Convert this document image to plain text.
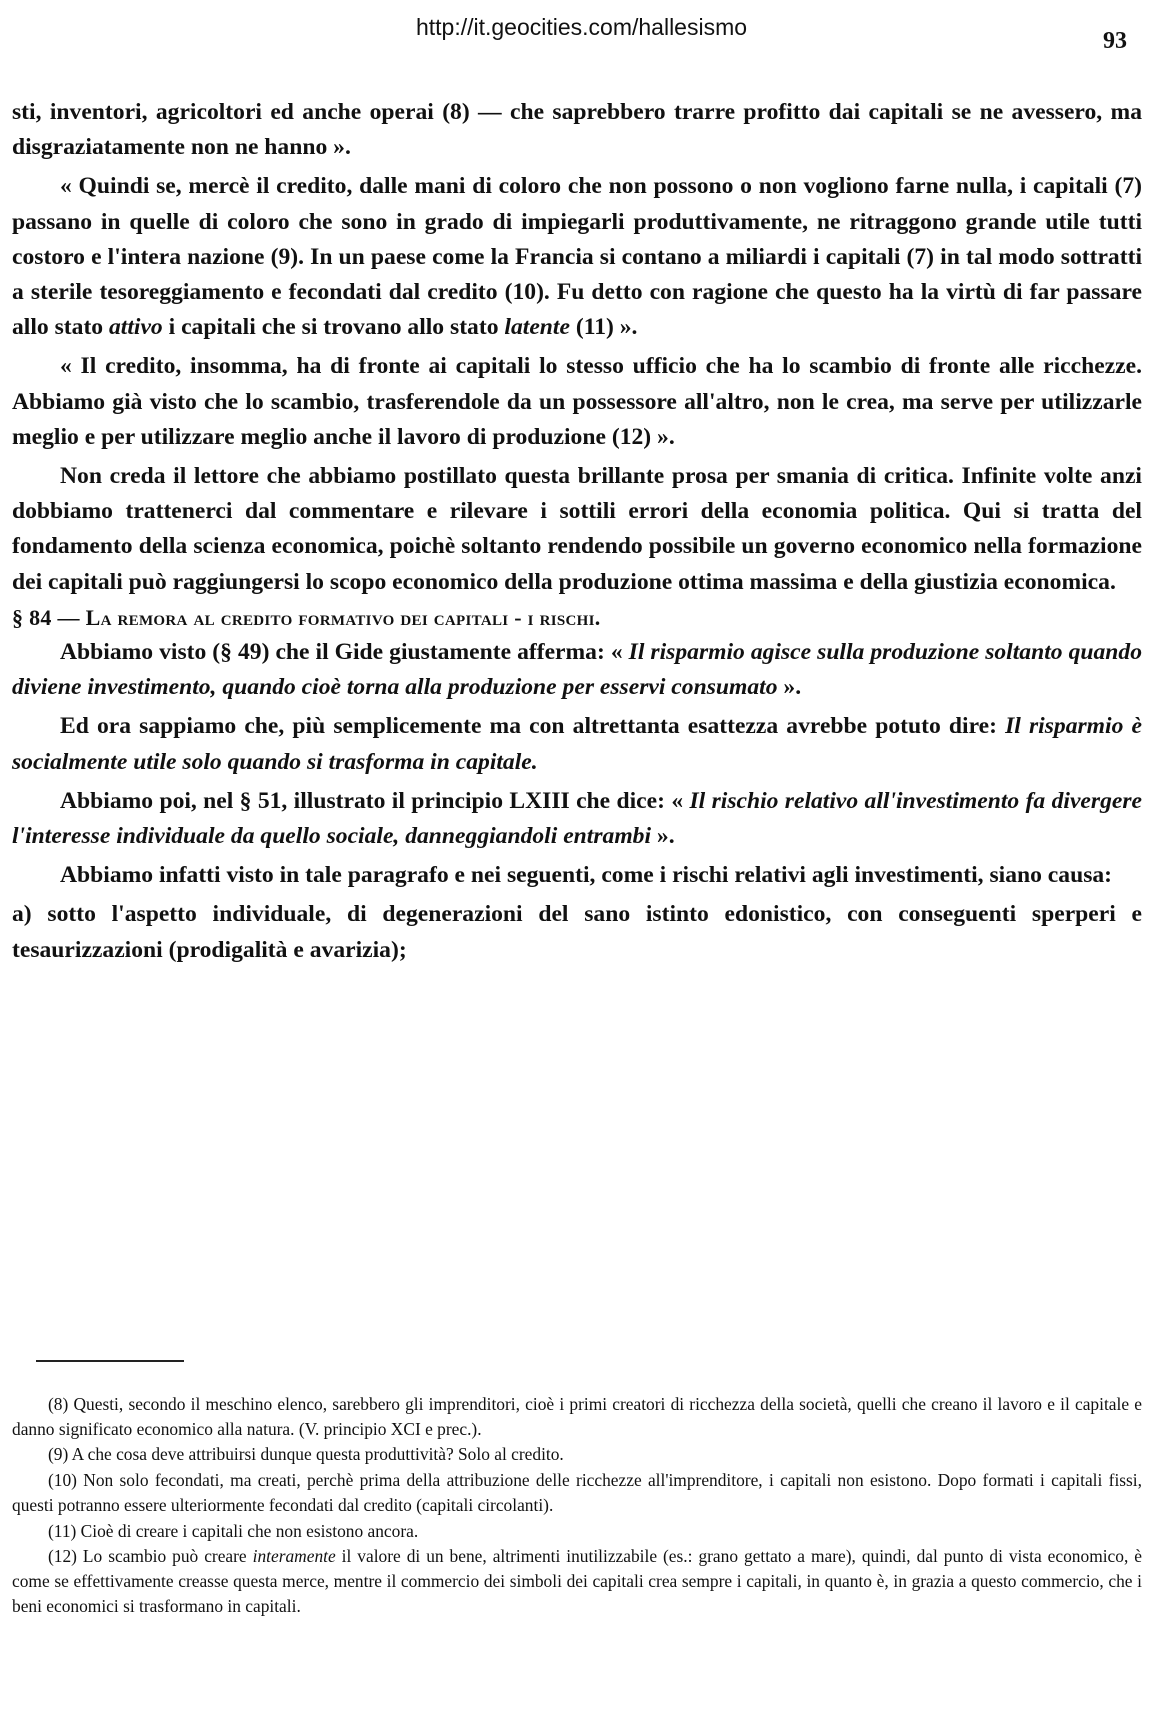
http://it.geocities.com/hallesismo
93

sti, inventori, agricoltori ed anche operai (8) — che saprebbero trarre profitto dai capitali se ne avessero, ma disgraziatamente non ne hanno ».

« Quindi se, mercè il credito, dalle mani di coloro che non possono o non vogliono farne nulla, i capitali (7) passano in quelle di coloro che sono in grado di impiegarli produttivamente, ne ritraggono grande utile tutti costoro e l'intera nazione (9). In un paese come la Francia si contano a miliardi i capitali (7) in tal modo sottratti a sterile tesoreggiamento e fecondati dal credito (10). Fu detto con ragione che questo ha la virtù di far passare allo stato attivo i capitali che si trovano allo stato latente (11) ».

« Il credito, insomma, ha di fronte ai capitali lo stesso ufficio che ha lo scambio di fronte alle ricchezze. Abbiamo già visto che lo scambio, trasferendole da un possessore all'altro, non le crea, ma serve per utilizzarle meglio e per utilizzare meglio anche il lavoro di produzione (12) ».

Non creda il lettore che abbiamo postillato questa brillante prosa per smania di critica. Infinite volte anzi dobbiamo trattenerci dal commentare e rilevare i sottili errori della economia politica. Qui si tratta del fondamento della scienza economica, poichè soltanto rendendo possibile un governo economico nella formazione dei capitali può raggiungersi lo scopo economico della produzione ottima massima e della giustizia economica.

§ 84 — La remora al credito formativo dei capitali - i rischi.

Abbiamo visto (§ 49) che il Gide giustamente afferma: « Il risparmio agisce sulla produzione soltanto quando diviene investimento, quando cioè torna alla produzione per esservi consumato ».

Ed ora sappiamo che, più semplicemente ma con altrettanta esattezza avrebbe potuto dire: Il risparmio è socialmente utile solo quando si trasforma in capitale.

Abbiamo poi, nel § 51, illustrato il principio LXIII che dice: « Il rischio relativo all'investimento fa divergere l'interesse individuale da quello sociale, danneggiandoli entrambi ».

Abbiamo infatti visto in tale paragrafo e nei seguenti, come i rischi relativi agli investimenti, siano causa:

a) sotto l'aspetto individuale, di degenerazioni del sano istinto edonistico, con conseguenti sperperi e tesaurizzazioni (prodigalità e avarizia);

(8) Questi, secondo il meschino elenco, sarebbero gli imprenditori, cioè i primi creatori di ricchezza della società, quelli che creano il lavoro e il capitale e danno significato economico alla natura. (V. principio XCI e prec.).

(9) A che cosa deve attribuirsi dunque questa produttività? Solo al credito.

(10) Non solo fecondati, ma creati, perchè prima della attribuzione delle ricchezze all'imprenditore, i capitali non esistono. Dopo formati i capitali fissi, questi potranno essere ulteriormente fecondati dal credito (capitali circolanti).

(11) Cioè di creare i capitali che non esistono ancora.

(12) Lo scambio può creare interamente il valore di un bene, altrimenti inutilizzabile (es.: grano gettato a mare), quindi, dal punto di vista economico, è come se effettivamente creasse questa merce, mentre il commercio dei simboli dei capitali crea sempre i capitali, in quanto è, in grazia a questo commercio, che i beni economici si trasformano in capitali.
